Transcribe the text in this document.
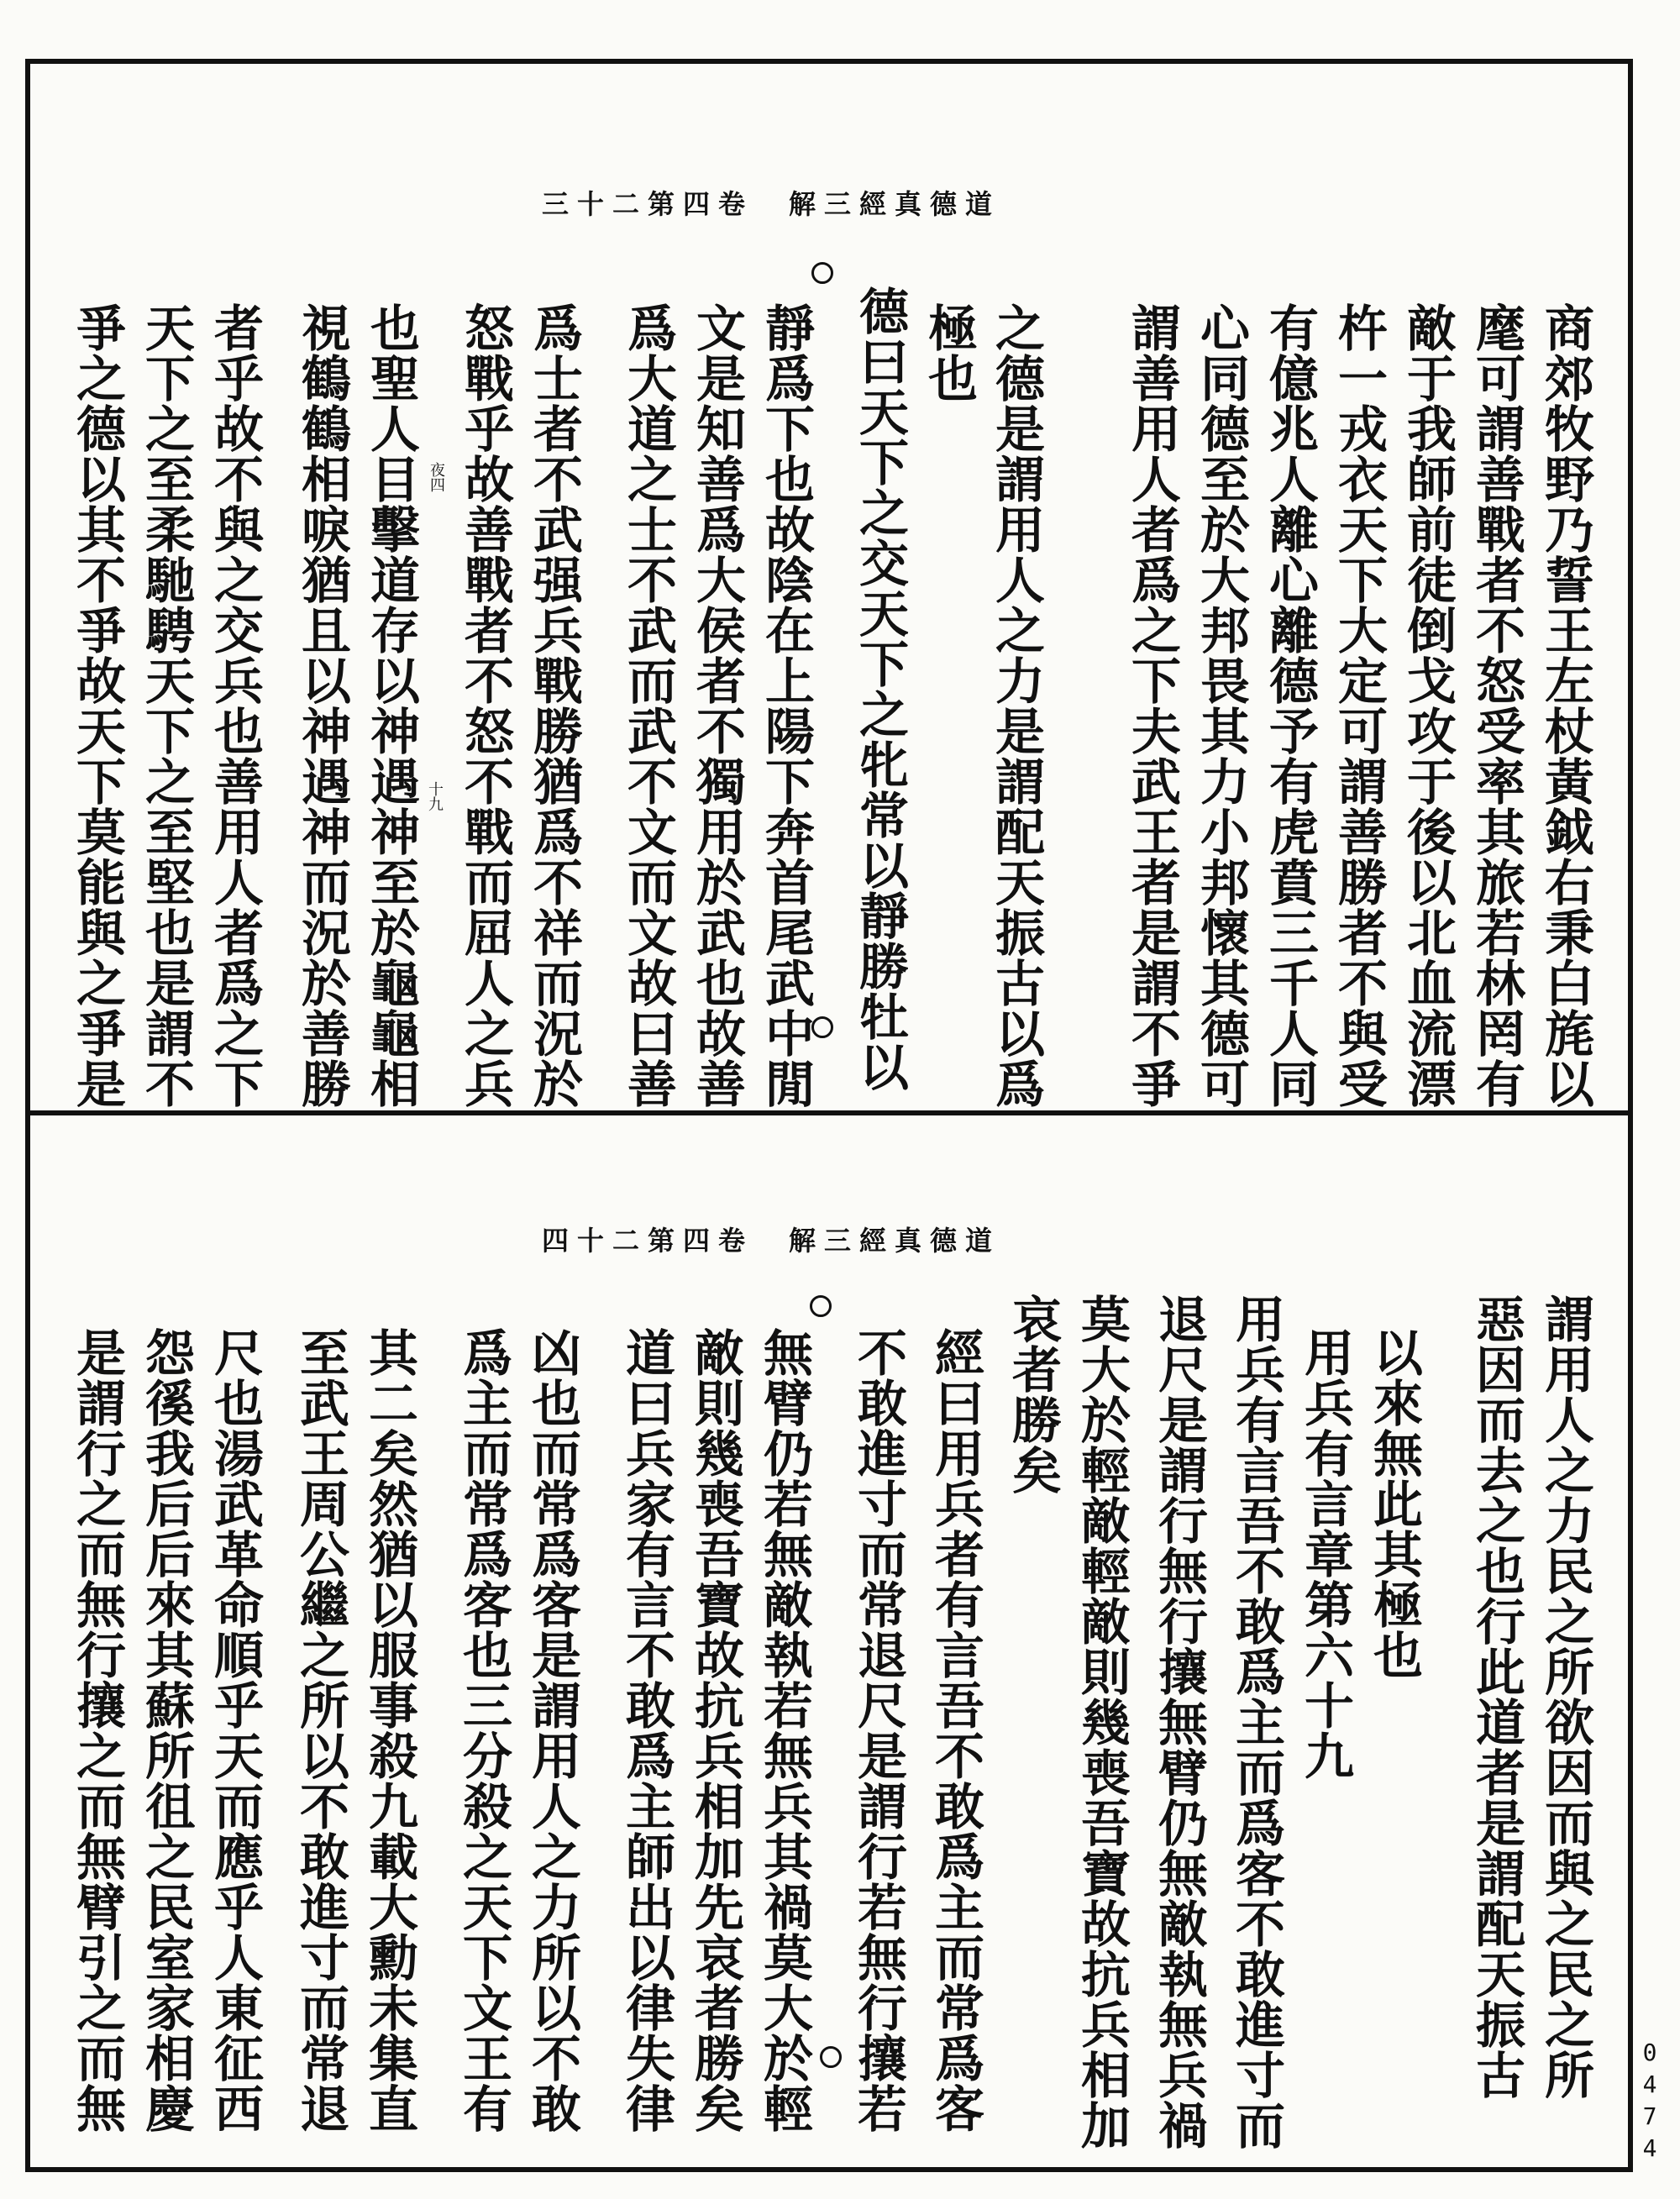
三十二第四卷　解三經真德道
四十二第四卷　解三經真德道
商郊牧野乃誓王左杖黃鉞右秉白旄以
麾可謂善戰者不怒受率其旅若林罔有
敵于我師前徒倒戈攻于後以北血流漂
杵一戎衣天下大定可謂善勝者不與受
有億兆人離心離德予有虎賁三千人同
心同德至於大邦畏其力小邦懷其德可
謂善用人者爲之下夫武王者是謂不爭
之德是謂用人之力是謂配天振古以爲
極也
德曰天下之交天下之牝常以靜勝牡以
靜爲下也故陰在上陽下奔首尾武中閒
文是知善爲大侯者不獨用於武也故善
爲大道之士不武而武不文而文故曰善
爲士者不武强兵戰勝猶爲不祥而況於
怒戰乎故善戰者不怒不戰而屈人之兵
也聖人目擊道存以神遇神至於龜龜相
視鶴鶴相唳猶且以神遇神而況於善勝
者乎故不與之交兵也善用人者爲之下
天下之至柔馳騁天下之至堅也是謂不
爭之德以其不爭故天下莫能與之爭是	十九
夜四
謂用人之力民之所欲因而與之民之所
惡因而去之也行此道者是謂配天振古
以來無此其極也
用兵有言章第六十九
用兵有言吾不敢爲主而爲客不敢進寸而
退尺是謂行無行攘無臂仍無敵執無兵禍
莫大於輕敵輕敵則幾喪吾寶故抗兵相加
哀者勝矣
經曰用兵者有言吾不敢爲主而常爲客
不敢進寸而常退尺是謂行若無行攘若
無臂仍若無敵執若無兵其禍莫大於輕
敵則幾喪吾寶故抗兵相加先哀者勝矣
道曰兵家有言不敢爲主師出以律失律
凶也而常爲客是謂用人之力所以不敢
爲主而常爲客也三分殺之天下文王有
其二矣然猶以服事殺九載大勳未集直
至武王周公繼之所以不敢進寸而常退
尺也湯武革命順乎天而應乎人東征西
怨徯我后后來其蘇所徂之民室家相慶
是謂行之而無行攘之而無臂引之而無	0
4
7
4
